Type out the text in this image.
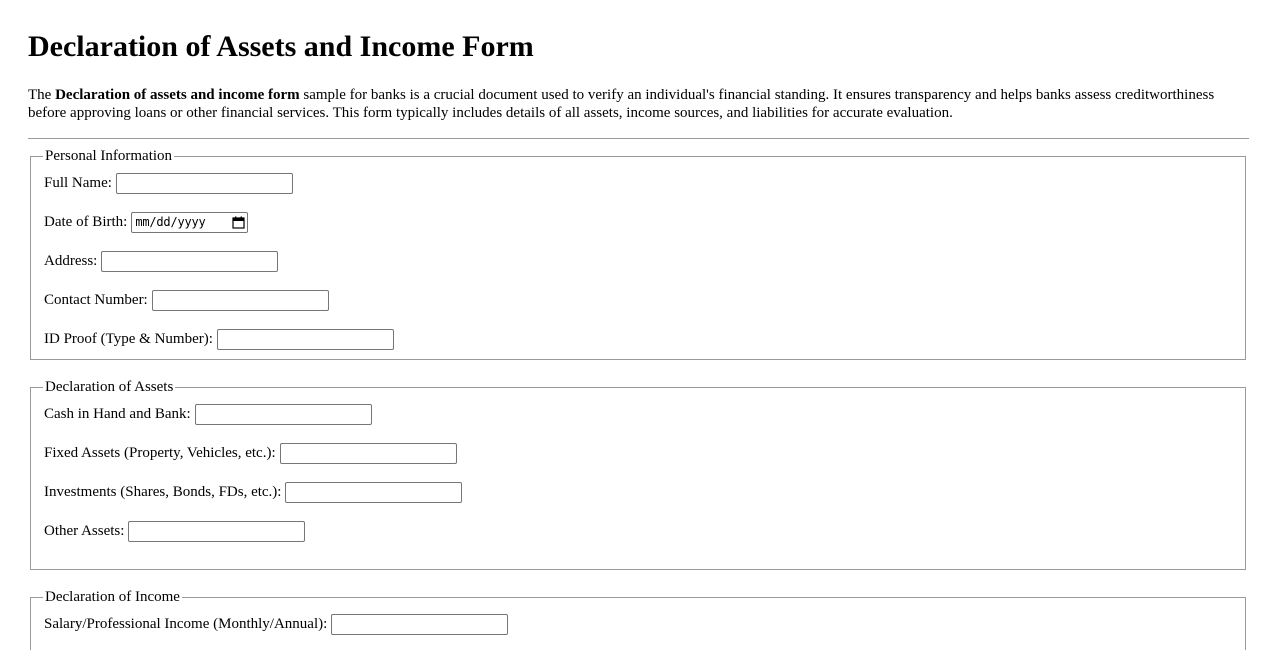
Declaration of Assets and Income Form

The Declaration of assets and income form sample for banks is a crucial document used to verify an individual's financial standing. It ensures transparency and helps banks assess creditworthiness before approving loans or other financial services. This form typically includes details of all assets, income sources, and liabilities for accurate evaluation.

Personal Information
Full Name:
Date of Birth: mm/dd/yyyy
Address:
Contact Number:
ID Proof (Type & Number):
Declaration of Assets
Cash in Hand and Bank:
Fixed Assets (Property, Vehicles, etc.):
Investments (Shares, Bonds, FDs, etc.):
Other Assets:
Declaration of Income
Salary/Professional Income (Monthly/Annual):
